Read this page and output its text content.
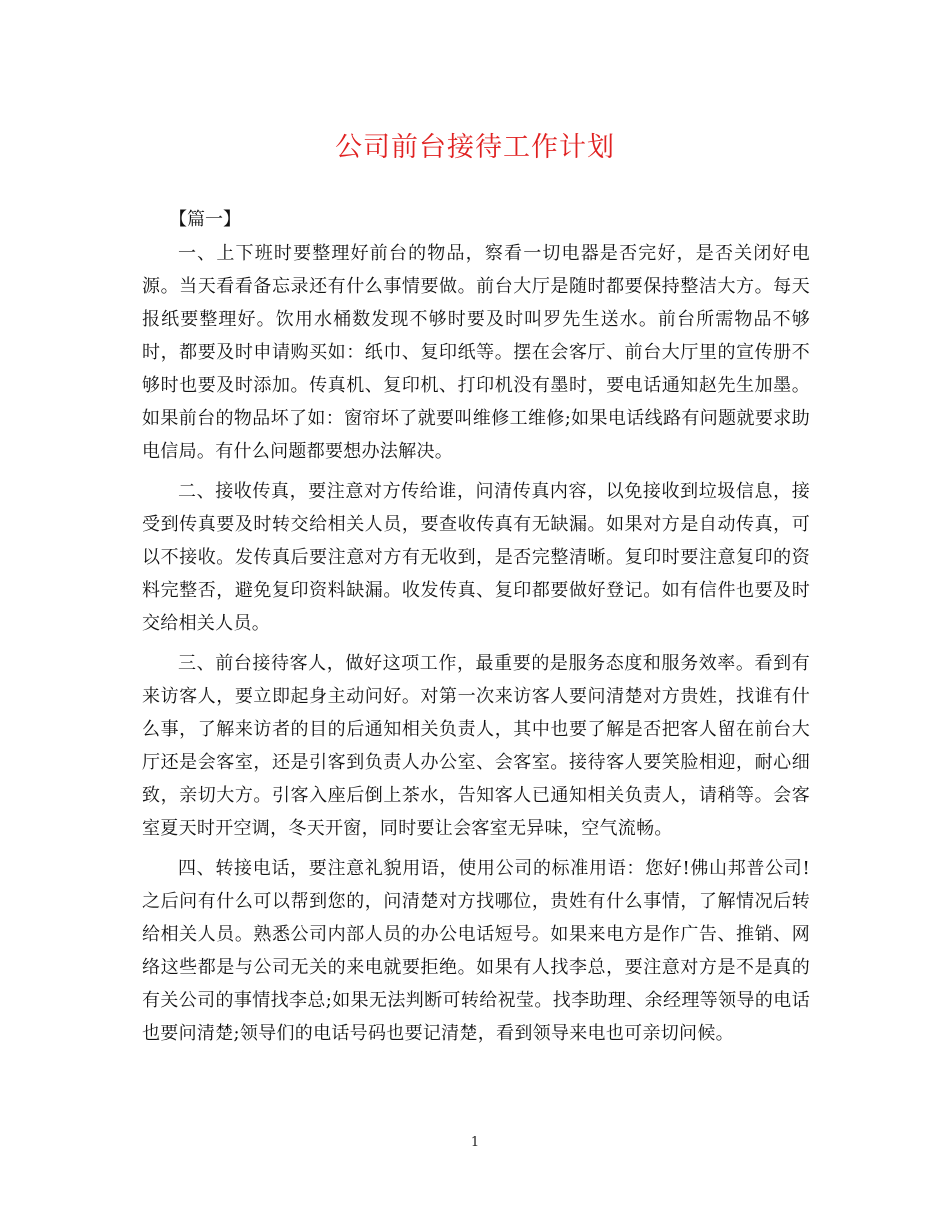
公司前台接待工作计划

【篇一】

一、上下班时要整理好前台的物品，察看一切电器是否完好，是否关闭好电源。当天看看备忘录还有什么事情要做。前台大厅是随时都要保持整洁大方。每天报纸要整理好。饮用水桶数发现不够时要及时叫罗先生送水。前台所需物品不够时，都要及时申请购买如：纸巾、复印纸等。摆在会客厅、前台大厅里的宣传册不够时也要及时添加。传真机、复印机、打印机没有墨时，要电话通知赵先生加墨。如果前台的物品坏了如：窗帘坏了就要叫维修工维修;如果电话线路有问题就要求助电信局。有什么问题都要想办法解决。

二、接收传真，要注意对方传给谁，问清传真内容，以免接收到垃圾信息，接受到传真要及时转交给相关人员，要查收传真有无缺漏。如果对方是自动传真，可以不接收。发传真后要注意对方有无收到，是否完整清晰。复印时要注意复印的资料完整否，避免复印资料缺漏。收发传真、复印都要做好登记。如有信件也要及时交给相关人员。

三、前台接待客人，做好这项工作，最重要的是服务态度和服务效率。看到有来访客人，要立即起身主动问好。对第一次来访客人要问清楚对方贵姓，找谁有什么事，了解来访者的目的后通知相关负责人，其中也要了解是否把客人留在前台大厅还是会客室，还是引客到负责人办公室、会客室。接待客人要笑脸相迎，耐心细致，亲切大方。引客入座后倒上茶水，告知客人已通知相关负责人，请稍等。会客室夏天时开空调，冬天开窗，同时要让会客室无异味，空气流畅。

四、转接电话，要注意礼貌用语，使用公司的标准用语：您好!佛山邦普公司!之后问有什么可以帮到您的，问清楚对方找哪位，贵姓有什么事情，了解情况后转给相关人员。熟悉公司内部人员的办公电话短号。如果来电方是作广告、推销、网络这些都是与公司无关的来电就要拒绝。如果有人找李总，要注意对方是不是真的有关公司的事情找李总;如果无法判断可转给祝莹。找李助理、余经理等领导的电话也要问清楚;领导们的电话号码也要记清楚，看到领导来电也可亲切问候。

1
